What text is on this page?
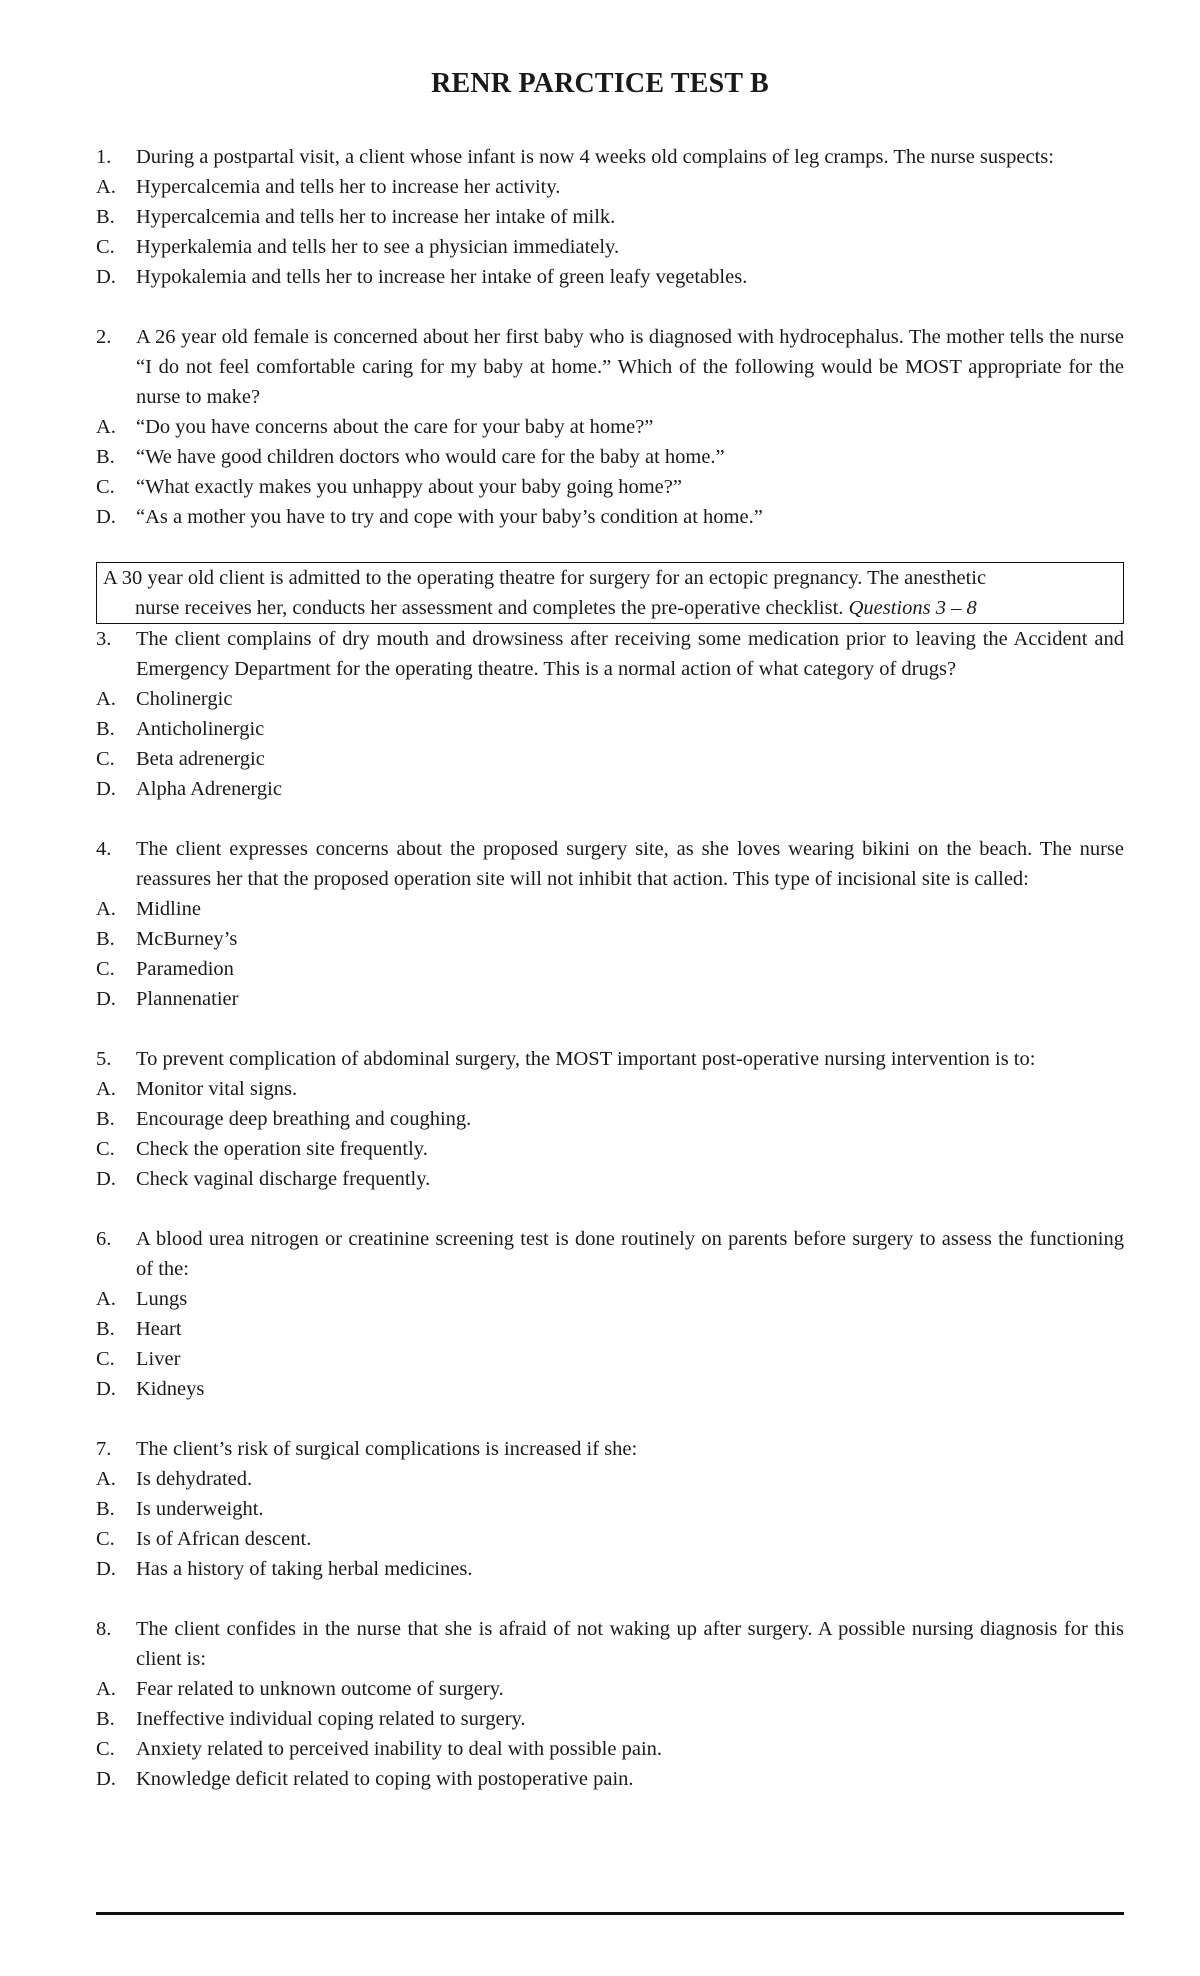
RENR PARCTICE TEST B
1.	During a postpartal visit, a client whose infant is now 4 weeks old complains of leg cramps. The nurse suspects:
A. Hypercalcemia and tells her to increase her activity.
B.	Hypercalcemia and tells her to increase her intake of milk.
C.	Hyperkalemia and tells her to see a physician immediately.
D. Hypokalemia and tells her to increase her intake of green leafy vegetables.
2.	A 26 year old female is concerned about her first baby who is diagnosed with hydrocephalus. The mother tells the nurse “I do not feel comfortable caring for my baby at home.” Which of the following would be MOST appropriate for the nurse to make?
A. “Do you have concerns about the care for your baby at home?”
B.	“We have good children doctors who would care for the baby at home.”
C.	“What exactly makes you unhappy about your baby going home?”
D. “As a mother you have to try and cope with your baby’s condition at home.”
A 30 year old client is admitted to the operating theatre for surgery for an ectopic pregnancy. The anesthetic
nurse receives her, conducts her assessment and completes the pre-operative checklist. Questions 3 – 8
3.	The client complains of dry mouth and drowsiness after receiving some medication prior to leaving the Accident and Emergency Department for the operating theatre. This is a normal action of what category of drugs?
A. Cholinergic
B.	Anticholinergic
C.	Beta adrenergic
D. Alpha Adrenergic
4.	The client expresses concerns about the proposed surgery site, as she loves wearing bikini on the beach. The nurse reassures her that the proposed operation site will not inhibit that action. This type of incisional site is called:
A. Midline
B.	McBurney’s
C.	Paramedion
D. Plannenatier
5.	To prevent complication of abdominal surgery, the MOST important post-operative nursing intervention is to:
A. Monitor vital signs.
B.	Encourage deep breathing and coughing.
C.	Check the operation site frequently.
D. Check vaginal discharge frequently.
6.	A blood urea nitrogen or creatinine screening test is done routinely on parents before surgery to assess the functioning of the:
A. Lungs
B.	Heart
C.	Liver
D. Kidneys
7.	The client’s risk of surgical complications is increased if she:
A. Is dehydrated.
B.	Is underweight.
C.	Is of African descent.
D. Has a history of taking herbal medicines.
8.	The client confides in the nurse that she is afraid of not waking up after surgery. A possible nursing diagnosis for this client is:
A. Fear related to unknown outcome of surgery.
B.	Ineffective individual coping related to surgery.
C.	Anxiety related to perceived inability to deal with possible pain.
D. Knowledge deficit related to coping with postoperative pain.
